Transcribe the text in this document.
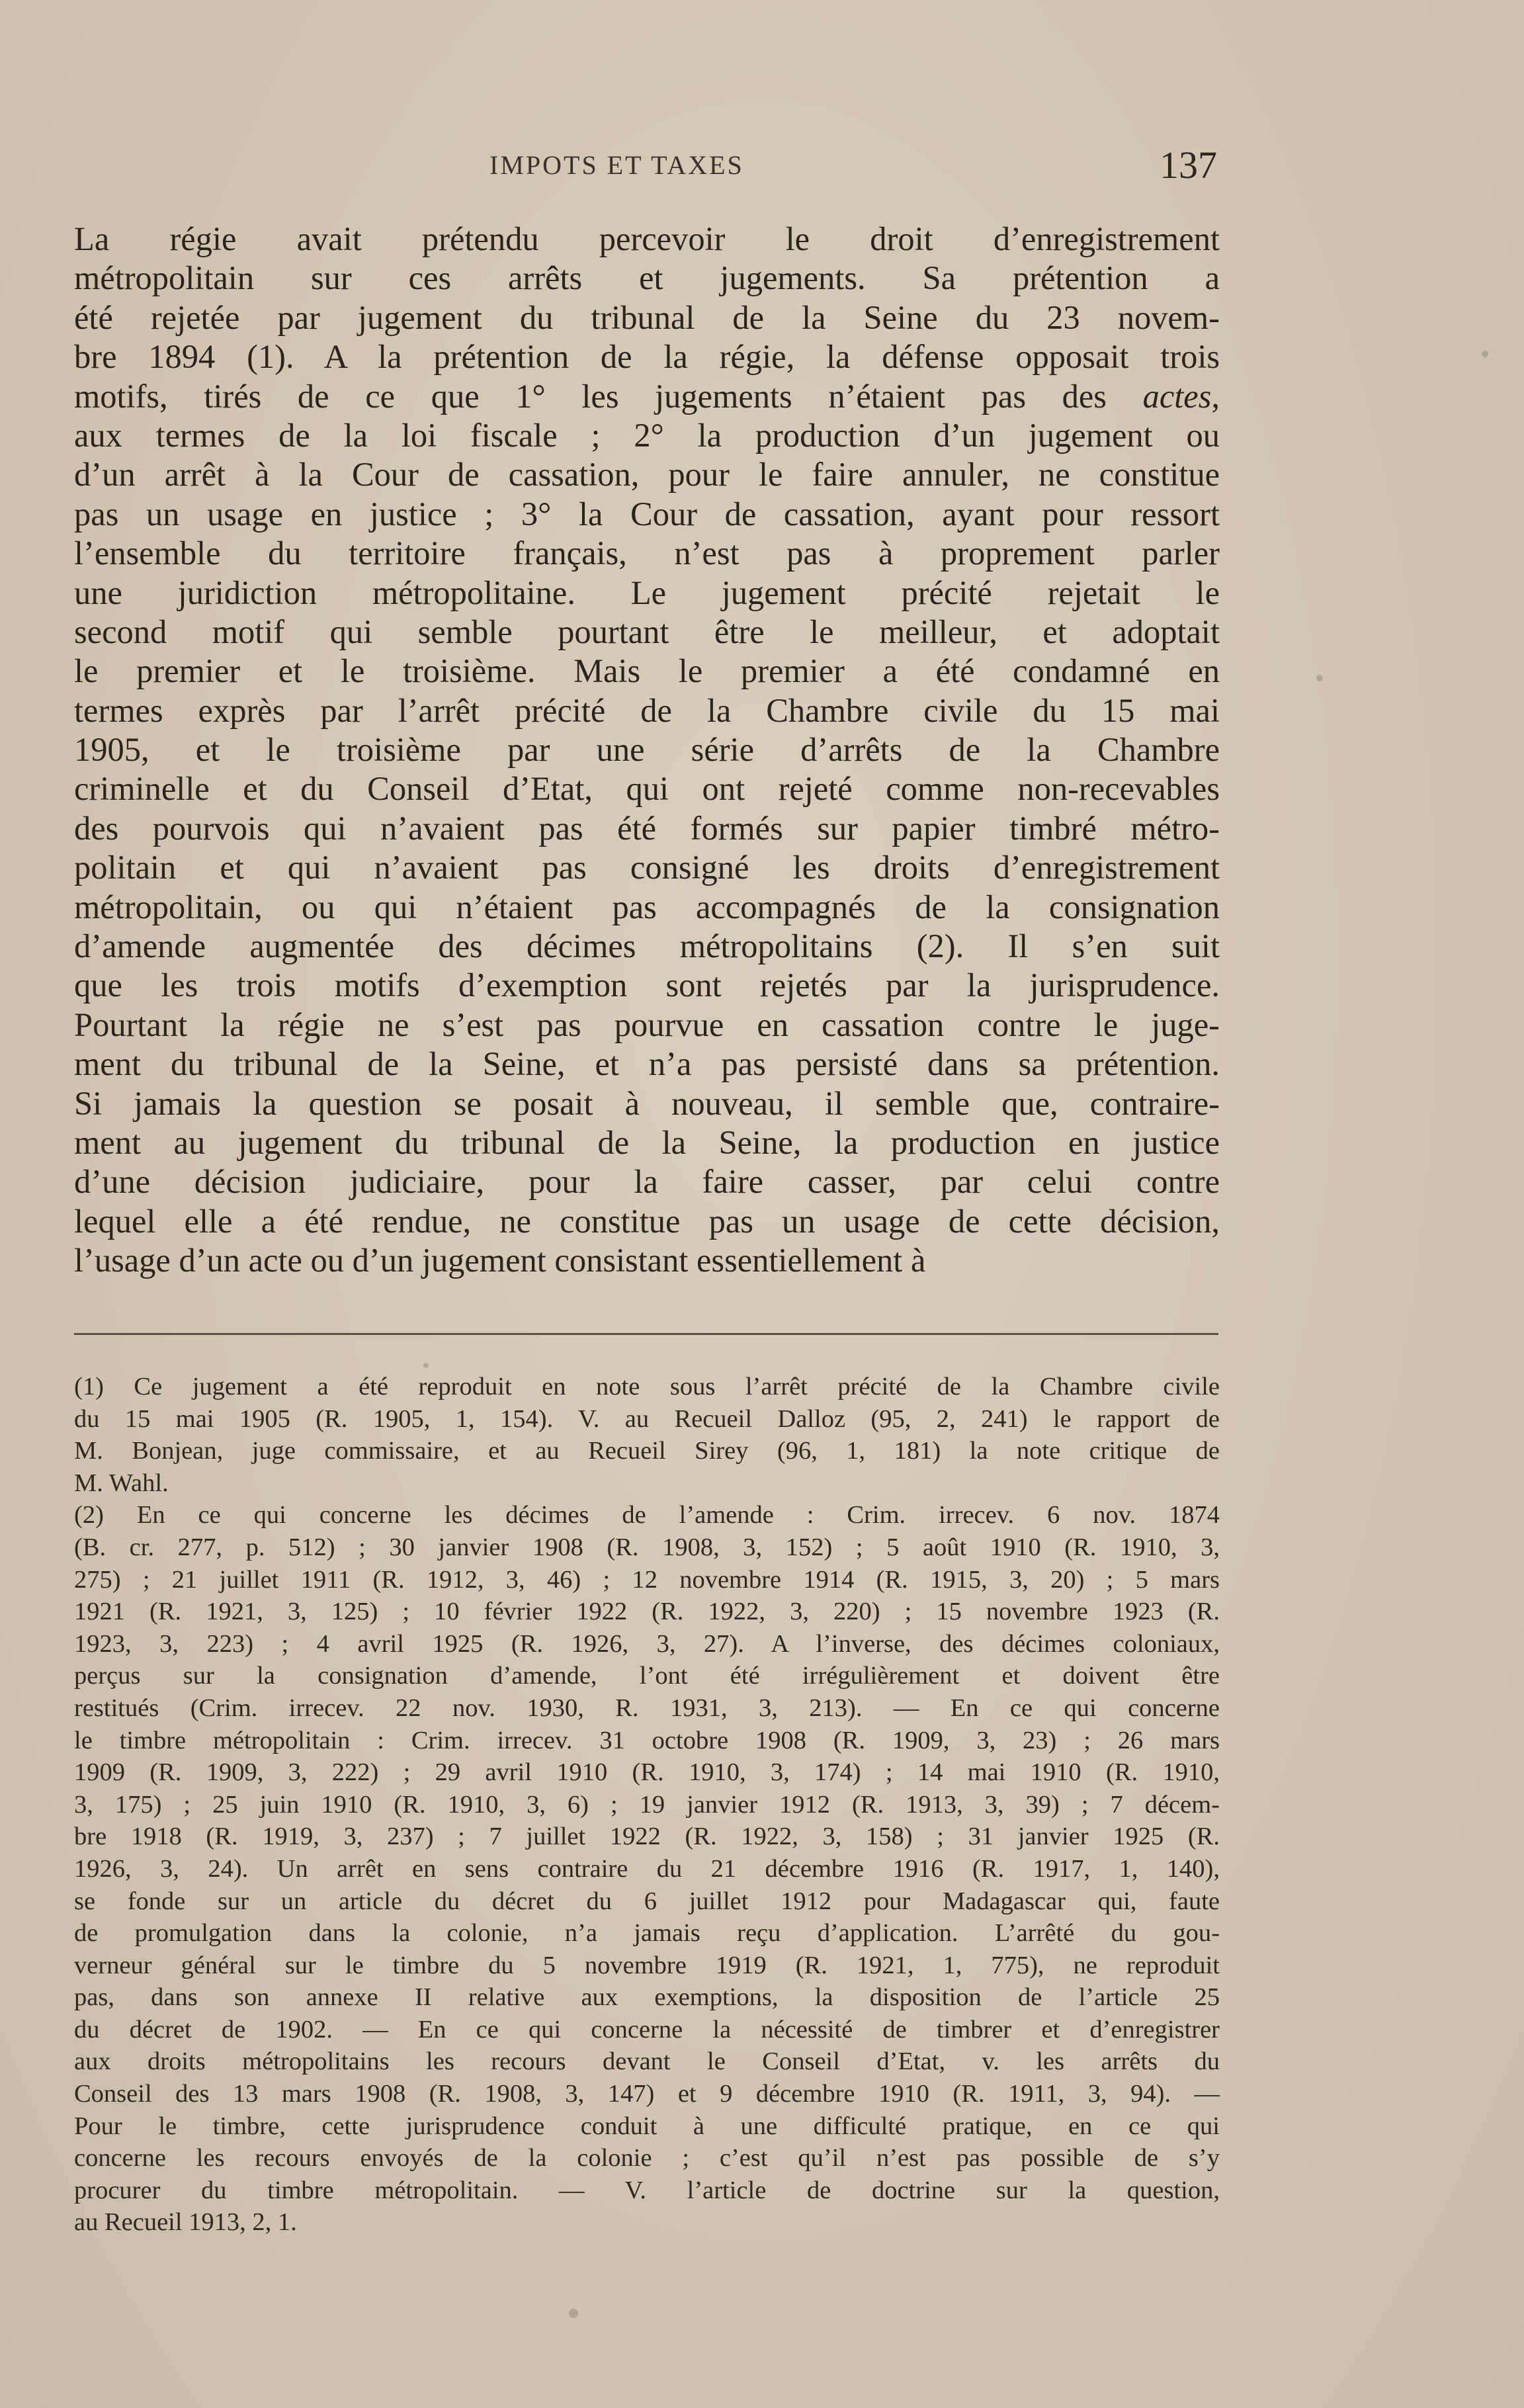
IMPOTS ET TAXES	137
La régie avait prétendu percevoir le droit d’enregistrement
métropolitain sur ces arrêts et jugements. Sa prétention a
été rejetée par jugement du tribunal de la Seine du 23 novem-
bre 1894 (1). A la prétention de la régie, la défense opposait trois
motifs, tirés de ce que 1° les jugements n’étaient pas des actes,
aux termes de la loi fiscale ; 2° la production d’un jugement ou
d’un arrêt à la Cour de cassation, pour le faire annuler, ne constitue
pas un usage en justice ; 3° la Cour de cassation, ayant pour ressort
l’ensemble du territoire français, n’est pas à proprement parler
une juridiction métropolitaine. Le jugement précité rejetait le
second motif qui semble pourtant être le meilleur, et adoptait
le premier et le troisième. Mais le premier a été condamné en
termes exprès par l’arrêt précité de la Chambre civile du 15 mai
1905, et le troisième par une série d’arrêts de la Chambre
criminelle et du Conseil d’Etat, qui ont rejeté comme non-recevables
des pourvois qui n’avaient pas été formés sur papier timbré métro-
politain et qui n’avaient pas consigné les droits d’enregistrement
métropolitain, ou qui n’étaient pas accompagnés de la consignation
d’amende augmentée des décimes métropolitains (2). Il s’en suit
que les trois motifs d’exemption sont rejetés par la jurisprudence.
Pourtant la régie ne s’est pas pourvue en cassation contre le juge-
ment du tribunal de la Seine, et n’a pas persisté dans sa prétention.
Si jamais la question se posait à nouveau, il semble que, contraire-
ment au jugement du tribunal de la Seine, la production en justice
d’une décision judiciaire, pour la faire casser, par celui contre
lequel elle a été rendue, ne constitue pas un usage de cette décision,
l’usage d’un acte ou d’un jugement consistant essentiellement à
(1) Ce jugement a été reproduit en note sous l’arrêt précité de la Chambre civile
du 15 mai 1905 (R. 1905, 1, 154). V. au Recueil Dalloz (95, 2, 241) le rapport de
M. Bonjean, juge commissaire, et au Recueil Sirey (96, 1, 181) la note critique de
M. Wahl.
(2) En ce qui concerne les décimes de l’amende : Crim. irrecev. 6 nov. 1874
(B. cr. 277, p. 512) ; 30 janvier 1908 (R. 1908, 3, 152) ; 5 août 1910 (R. 1910, 3,
275) ; 21 juillet 1911 (R. 1912, 3, 46) ; 12 novembre 1914 (R. 1915, 3, 20) ; 5 mars
1921 (R. 1921, 3, 125) ; 10 février 1922 (R. 1922, 3, 220) ; 15 novembre 1923 (R.
1923, 3, 223) ; 4 avril 1925 (R. 1926, 3, 27). A l’inverse, des décimes coloniaux,
perçus sur la consignation d’amende, l’ont été irrégulièrement et doivent être
restitués (Crim. irrecev. 22 nov. 1930, R. 1931, 3, 213). — En ce qui concerne
le timbre métropolitain : Crim. irrecev. 31 octobre 1908 (R. 1909, 3, 23) ; 26 mars
1909 (R. 1909, 3, 222) ; 29 avril 1910 (R. 1910, 3, 174) ; 14 mai 1910 (R. 1910,
3, 175) ; 25 juin 1910 (R. 1910, 3, 6) ; 19 janvier 1912 (R. 1913, 3, 39) ; 7 décem-
bre 1918 (R. 1919, 3, 237) ; 7 juillet 1922 (R. 1922, 3, 158) ; 31 janvier 1925 (R.
1926, 3, 24). Un arrêt en sens contraire du 21 décembre 1916 (R. 1917, 1, 140),
se fonde sur un article du décret du 6 juillet 1912 pour Madagascar qui, faute
de promulgation dans la colonie, n’a jamais reçu d’application. L’arrêté du gou-
verneur général sur le timbre du 5 novembre 1919 (R. 1921, 1, 775), ne reproduit
pas, dans son annexe II relative aux exemptions, la disposition de l’article 25
du décret de 1902. — En ce qui concerne la nécessité de timbrer et d’enregistrer
aux droits métropolitains les recours devant le Conseil d’Etat, v. les arrêts du
Conseil des 13 mars 1908 (R. 1908, 3, 147) et 9 décembre 1910 (R. 1911, 3, 94). —
Pour le timbre, cette jurisprudence conduit à une difficulté pratique, en ce qui
concerne les recours envoyés de la colonie ; c’est qu’il n’est pas possible de s’y
procurer du timbre métropolitain. — V. l’article de doctrine sur la question,
au Recueil 1913, 2, 1.
